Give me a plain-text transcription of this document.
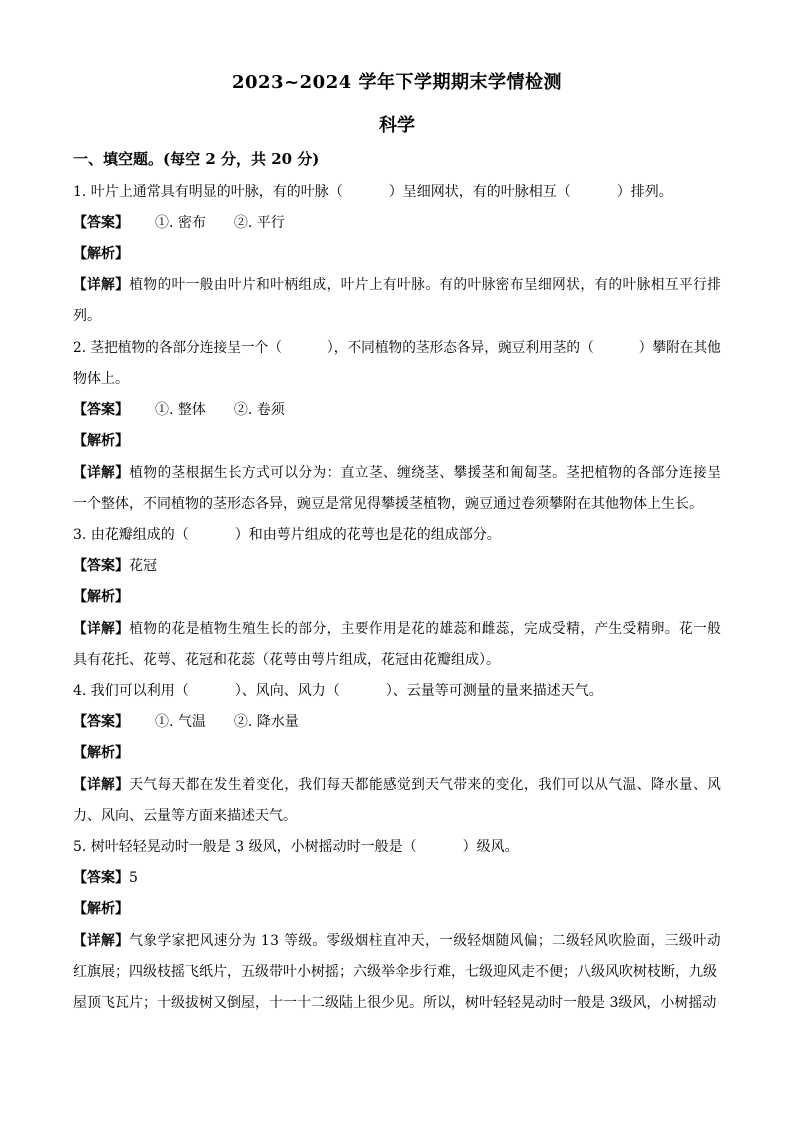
2023~2024 学年下学期期末学情检测
科学
一、填空题。(每空 2 分，共 20 分)
1. 叶片上通常具有明显的叶脉，有的叶脉（	）呈细网状，有的叶脉相互（	）排列。
【答案】 ①. 密布 ②. 平行
【解析】
【详解】植物的叶一般由叶片和叶柄组成，叶片上有叶脉。有的叶脉密布呈细网状，有的叶脉相互平行排
列。
2. 茎把植物的各部分连接呈一个（	），不同植物的茎形态各异，豌豆利用茎的（	）攀附在其他
物体上。
【答案】 ①. 整体 ②. 卷须
【解析】
【详解】植物的茎根据生长方式可以分为：直立茎、缠绕茎、攀援茎和匍匐茎。茎把植物的各部分连接呈
一个整体，不同植物的茎形态各异，豌豆是常见得攀援茎植物，豌豆通过卷须攀附在其他物体上生长。
3. 由花瓣组成的（	）和由萼片组成的花萼也是花的组成部分。
【答案】花冠
【解析】
【详解】植物的花是植物生殖生长的部分，主要作用是花的雄蕊和雌蕊，完成受精，产生受精卵。花一般
具有花托、花萼、花冠和花蕊（花萼由萼片组成，花冠由花瓣组成）。
4. 我们可以利用（	）、风向、风力（	）、云量等可测量的量来描述天气。
【答案】 ①. 气温 ②. 降水量
【解析】
【详解】天气每天都在发生着变化，我们每天都能感觉到天气带来的变化，我们可以从气温、降水量、风
力、风向、云量等方面来描述天气。
5. 树叶轻轻晃动时一般是 3 级风，小树摇动时一般是（	）级风。
【答案】5
【解析】
【详解】气象学家把风速分为 13 等级。零级烟柱直冲天，一级轻烟随风偏；二级轻风吹脸面，三级叶动
红旗展；四级枝摇飞纸片，五级带叶小树摇；六级举伞步行难，七级迎风走不便；八级风吹树枝断，九级
屋顶飞瓦片；十级拔树又倒屋，十一十二级陆上很少见。所以，树叶轻轻晃动时一般是 3级风，小树摇动
